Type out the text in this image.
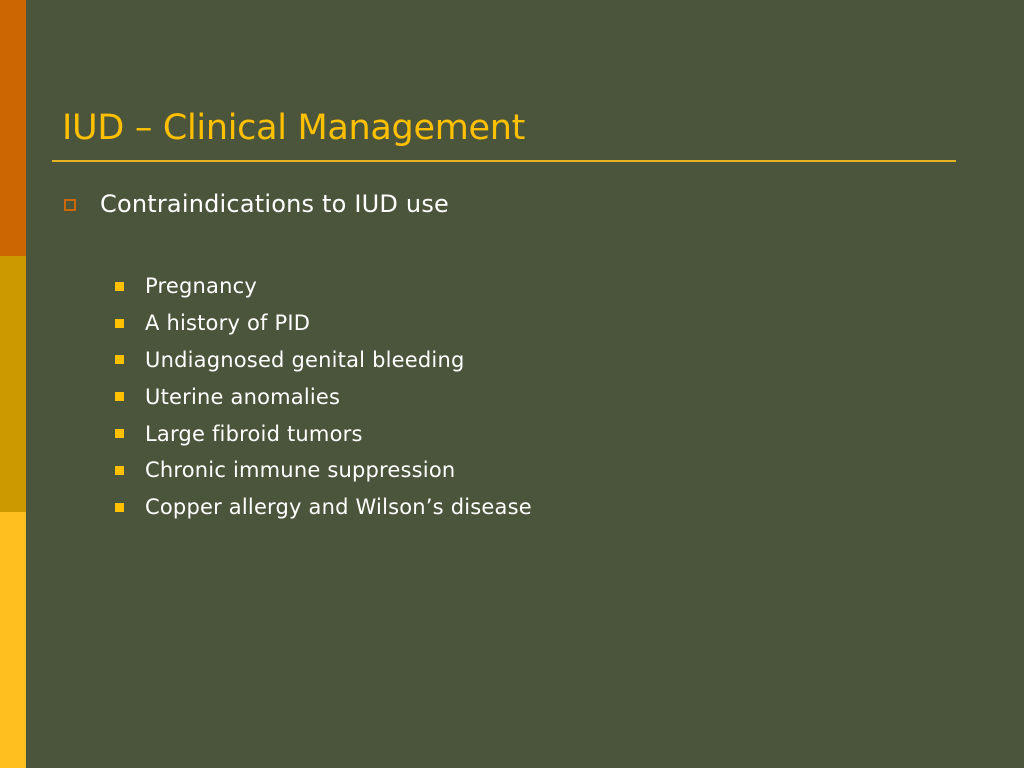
IUD – Clinical Management
Contraindications to IUD use
Pregnancy
A history of PID
Undiagnosed genital bleeding
Uterine anomalies
Large fibroid tumors
Chronic immune suppression
Copper allergy and Wilson’s disease
